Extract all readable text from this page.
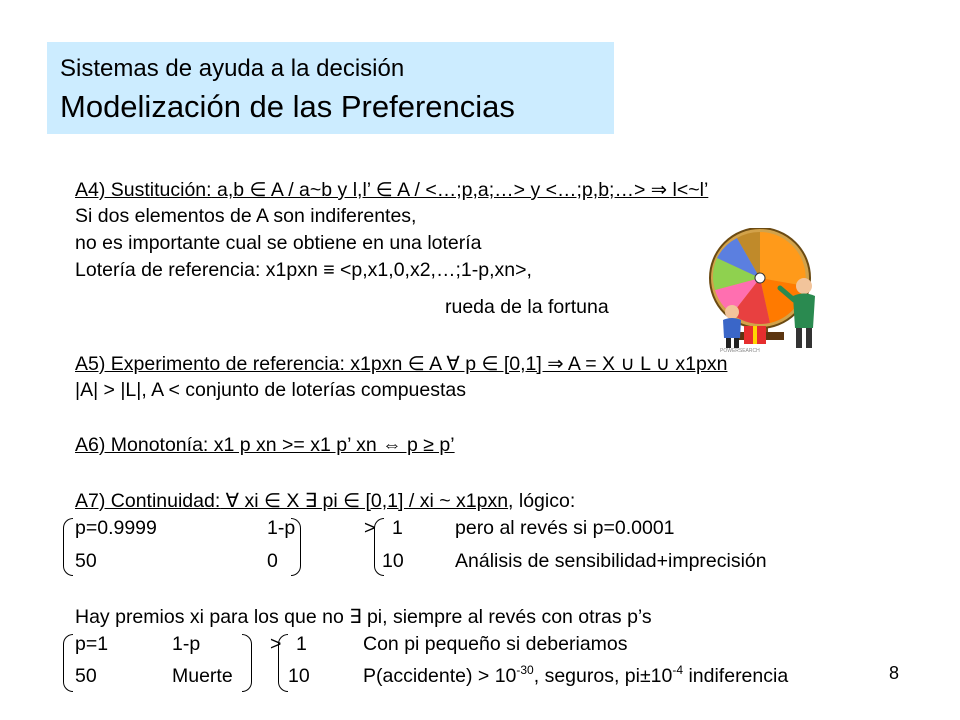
Sistemas de ayuda a la decisión
Modelización de las Preferencias
A4) Sustitución: a,b ∈ A / a~b y l,l’ ∈ A / <…;p,a;…> y <…;p,b;…> ⇒ l<~l’
Si dos elementos de A son indiferentes,
no es importante cual se obtiene en una lotería
Lotería de referencia: x1pxn ≡ <p,x1,0,x2,…;1-p,xn>,
rueda de la fortuna
POWERSEARCH
A5) Experimento de referencia: x1pxn ∈ A ∀ p ∈ [0,1] ⇒ A = X ∪ L ∪ x1pxn
|A| > |L|, A < conjunto de loterías compuestas
A6) Monotonía: x1 p xn >= x1 p’ xn ⇔ p ≥ p’
A7) Continuidad: ∀ xi ∈ X ∃ pi ∈ [0,1] / xi ~ x1pxn, lógico:
p=0.9999	1-p	> 1	pero al revés si p=0.0001
50	0	10	Análisis de sensibilidad+imprecisión
Hay premios xi para los que no ∃ pi, siempre al revés con otras p’s
p=1	1-p	> 1	Con pi pequeño si deberiamos
50	Muerte	10	P(accidente) > $10^{-30}$, seguros, $pi\pm 10^{-4}$ indiferencia	8
